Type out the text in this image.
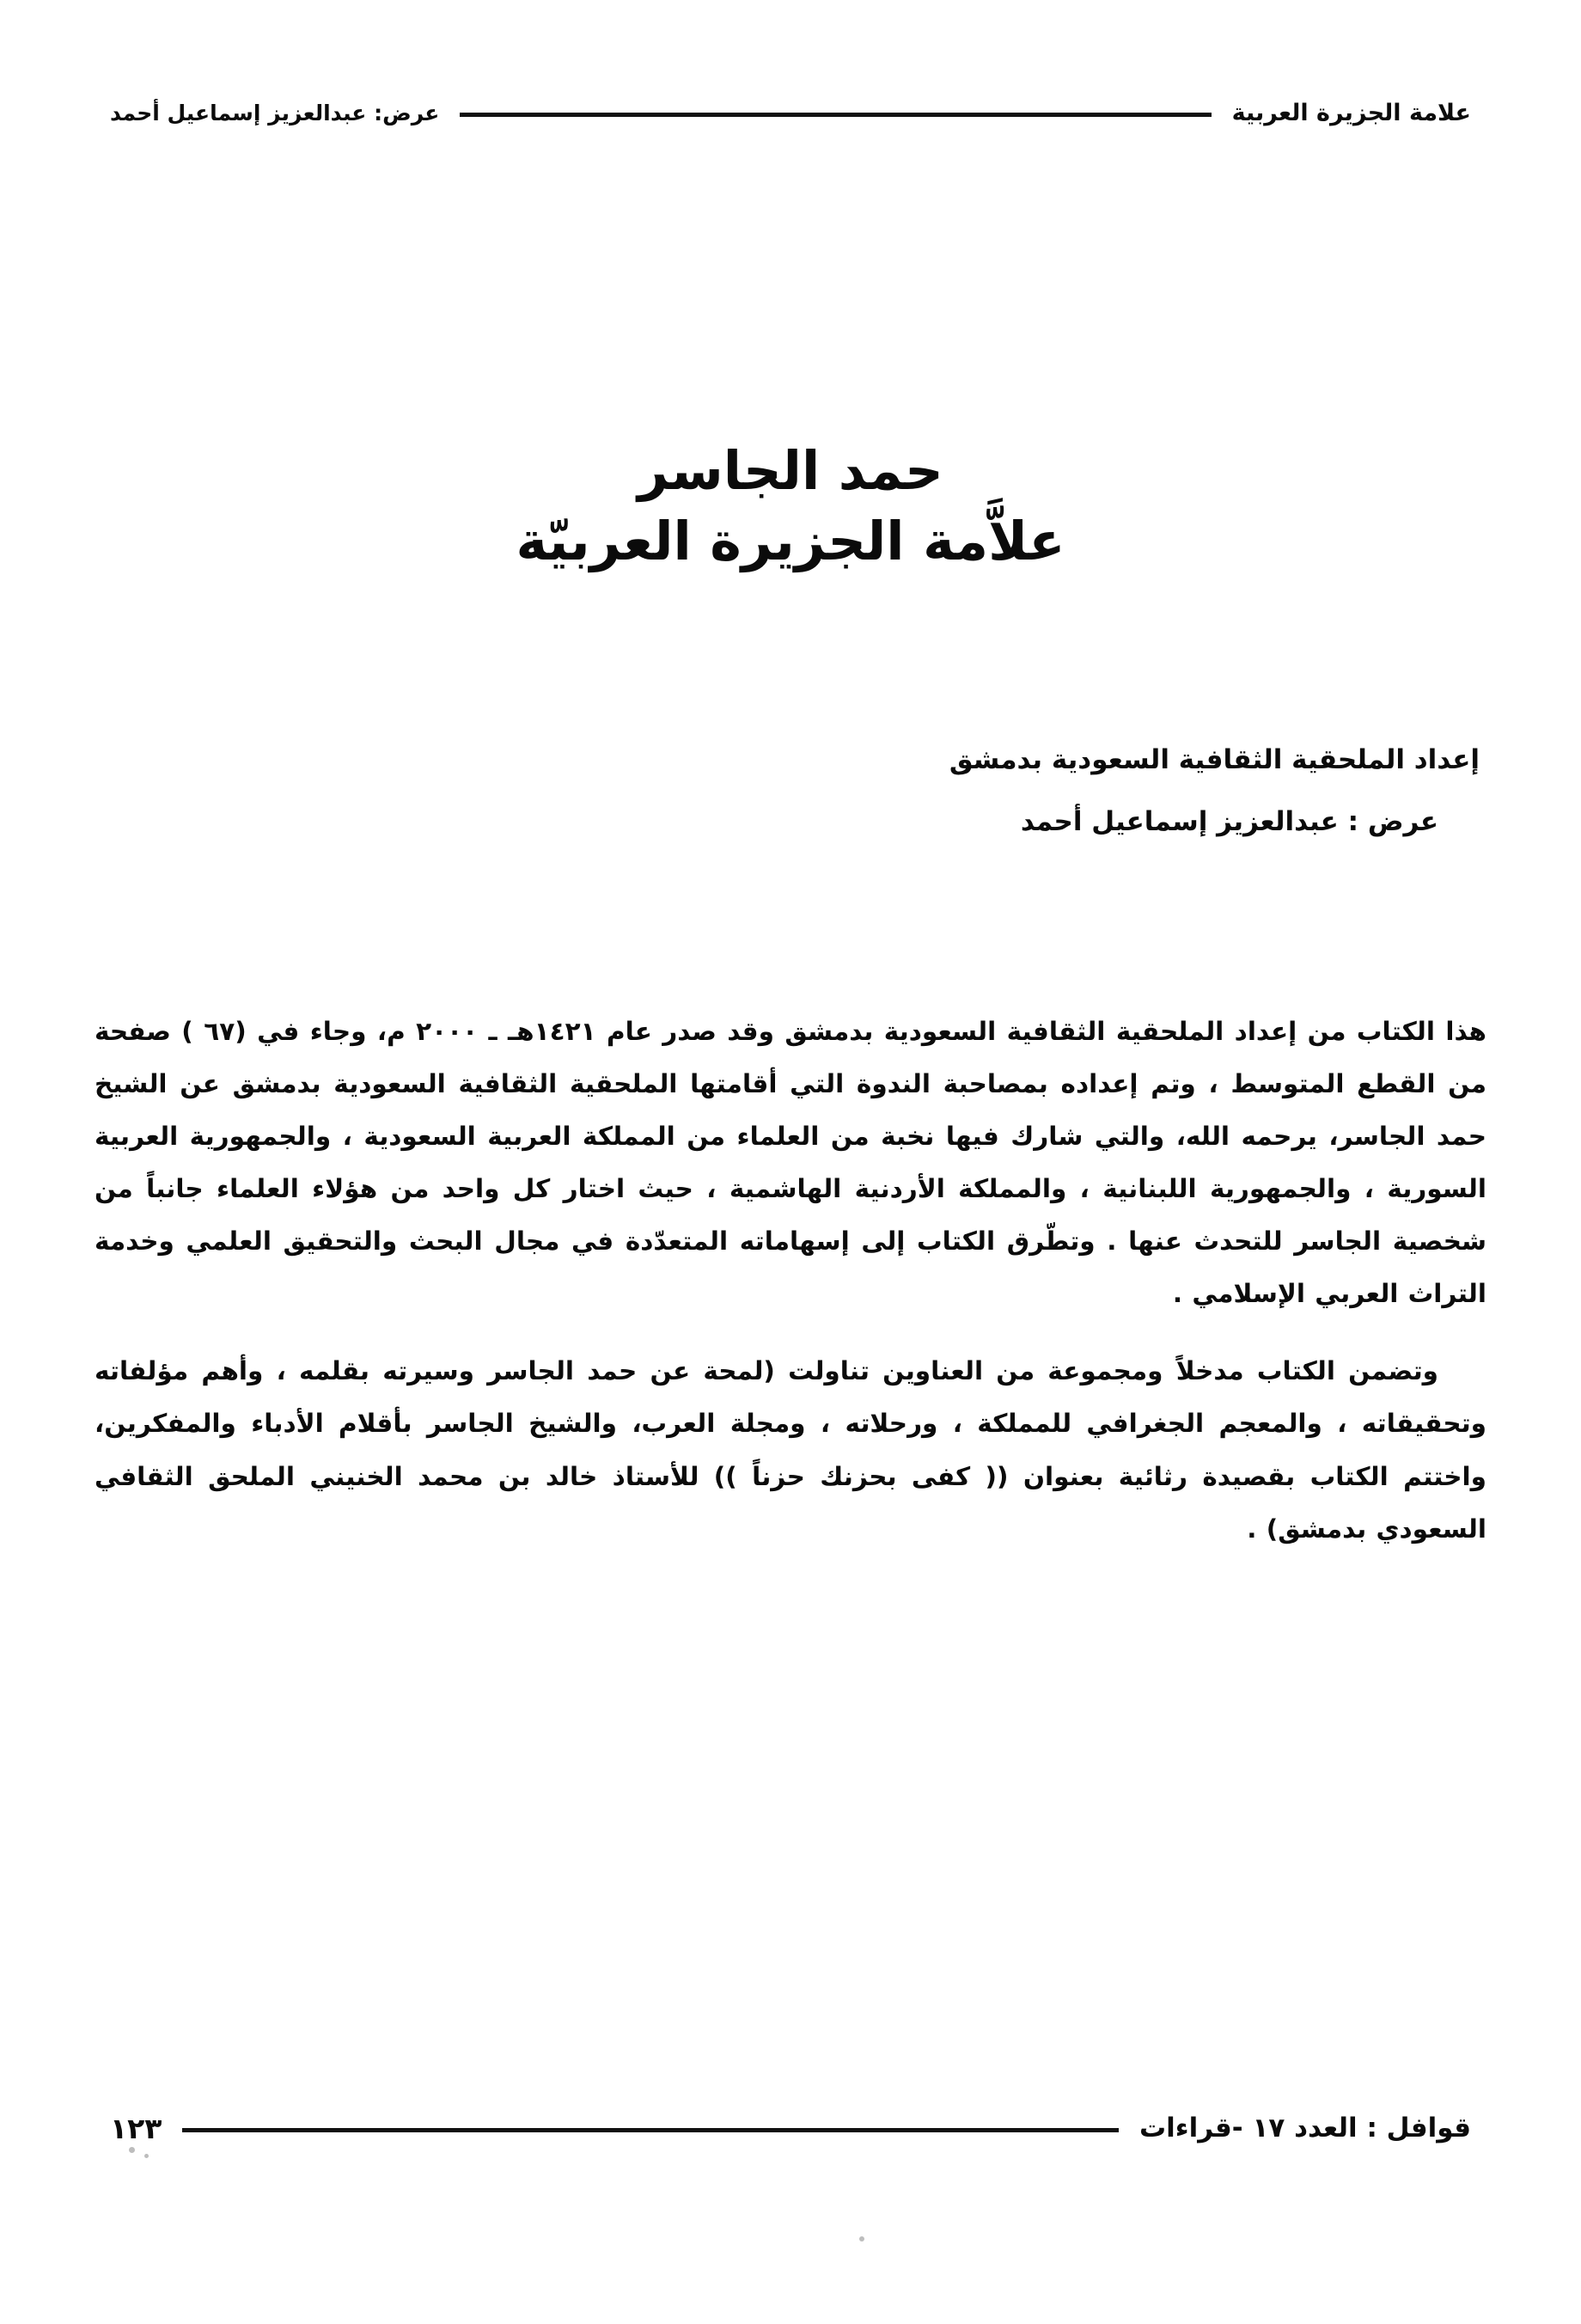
علامة الجزيرة العربية
عرض: عبدالعزيز إسماعيل أحمد
حمد الجاسر
علاَّمة الجزيرة العربيّة
إعداد الملحقية الثقافية السعودية بدمشق
عرض : عبدالعزيز إسماعيل أحمد

هذا الكتاب من إعداد الملحقية الثقافية السعودية بدمشق وقد صدر عام ١٤٢١هـ ـ ٢٠٠٠ م، وجاء في (٦٧ ) صفحة من القطع المتوسط ، وتم إعداده بمصاحبة الندوة التي أقامتها الملحقية الثقافية السعودية بدمشق عن الشيخ حمد الجاسر، يرحمه الله، والتي شارك فيها نخبة من العلماء من المملكة العربية السعودية ، والجمهورية العربية السورية ، والجمهورية اللبنانية ، والمملكة الأردنية الهاشمية ، حيث اختار كل واحد من هؤلاء العلماء جانباً من شخصية الجاسر للتحدث عنها . وتطّرق الكتاب إلى إسهاماته المتعدّدة في مجال البحث والتحقيق العلمي وخدمة التراث العربي الإسلامي .

وتضمن الكتاب مدخلاً ومجموعة من العناوين تناولت (لمحة عن حمد الجاسر وسيرته بقلمه ، وأهم مؤلفاته وتحقيقاته ، والمعجم الجغرافي للمملكة ، ورحلاته ، ومجلة العرب، والشيخ الجاسر بأقلام الأدباء والمفكرين، واختتم الكتاب بقصيدة رثائية بعنوان (( كفى بحزنك حزناً )) للأستاذ خالد بن محمد الخنيني الملحق الثقافي السعودي بدمشق) .

قوافل : العدد ١٧ -قراءات
١٢٣
